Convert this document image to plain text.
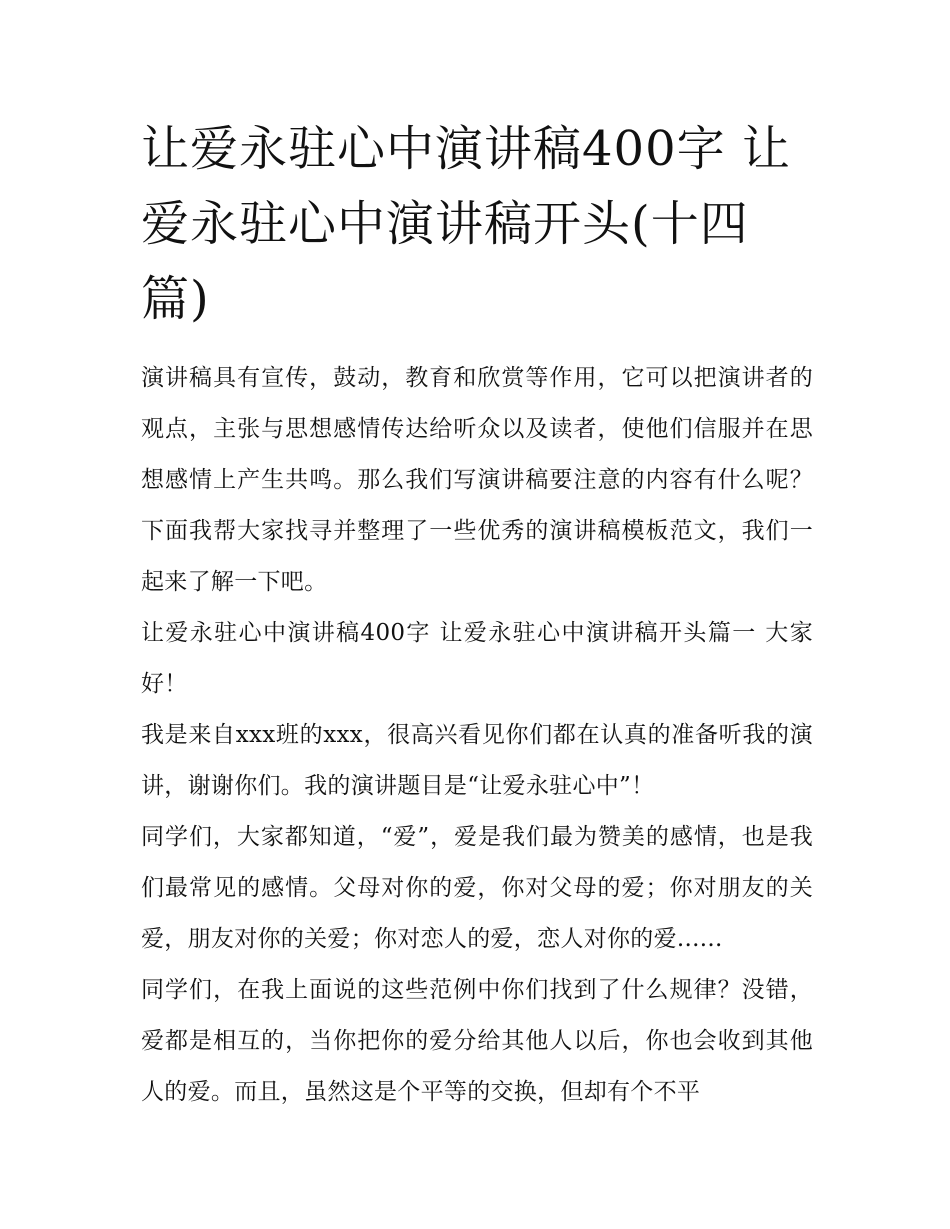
让爱永驻心中演讲稿400字 让爱永驻心中演讲稿开头(十四篇)

演讲稿具有宣传，鼓动，教育和欣赏等作用，它可以把演讲者的观点，主张与思想感情传达给听众以及读者，使他们信服并在思想感情上产生共鸣。那么我们写演讲稿要注意的内容有什么呢？下面我帮大家找寻并整理了一些优秀的演讲稿模板范文，我们一起来了解一下吧。

让爱永驻心中演讲稿400字 让爱永驻心中演讲稿开头篇一 大家好！

我是来自xxx班的xxx，很高兴看见你们都在认真的准备听我的演讲，谢谢你们。我的演讲题目是“让爱永驻心中”！

同学们，大家都知道，“爱”，爱是我们最为赞美的感情，也是我们最常见的感情。父母对你的爱，你对父母的爱；你对朋友的关爱，朋友对你的关爱；你对恋人的爱，恋人对你的爱......

同学们，在我上面说的这些范例中你们找到了什么规律？没错，爱都是相互的，当你把你的爱分给其他人以后，你也会收到其他人的爱。而且，虽然这是个平等的交换，但却有个不平
